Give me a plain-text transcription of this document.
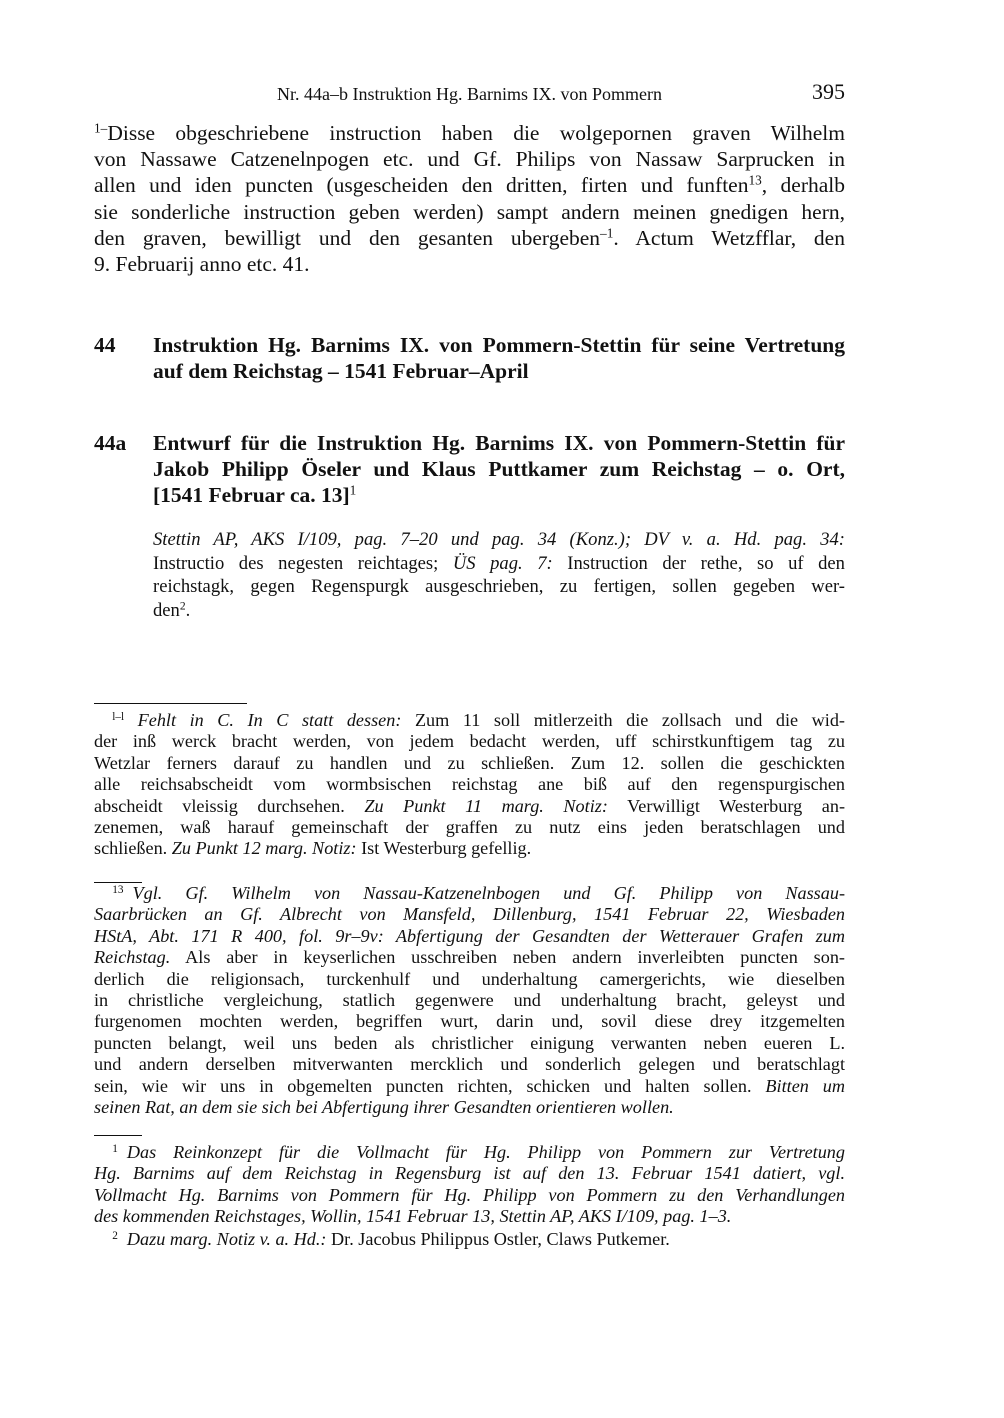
Nr. 44a–b Instruktion Hg. Barnims IX. von Pommern	395
$^{1-}$Disse obgeschriebene instruction haben die wolgepornen graven Wilhelm
von Nassawe Catzenelnpogen etc. und Gf. Philips von Nassaw Sarprucken in
allen und iden puncten (usgescheiden den dritten, firten und funften$^{13}$, derhalb
sie sonderliche instruction geben werden) sampt andern meinen gnedigen hern,
den graven, bewilligt und den gesanten ubergeben$^{-1}$. Actum Wetzfflar, den
9. Februarij anno etc. 41.
44 Instruktion Hg. Barnims IX. von Pommern-Stettin für seine Vertretung
auf dem Reichstag – 1541 Februar–April
44a Entwurf für die Instruktion Hg. Barnims IX. von Pommern-Stettin für
Jakob Philipp Öseler und Klaus Puttkamer zum Reichstag – o. Ort,
[1541 Februar ca. 13]$^1$
Stettin AP, AKS I/109, pag. 7–20 und pag. 34 (Konz.); DV v. a. Hd. pag. 34:
Instructio des negesten reichtages; ÜS pag. 7: Instruction der rethe, so uf den
reichstagk, gegen Regenspurgk ausgeschrieben, zu fertigen, sollen gegeben wer-
den$^2$.
 $^{l-l}$ Fehlt in C. In C statt dessen: Zum 11 soll mitlerzeith die zollsach und die wid-
der inß werck bracht werden, von jedem bedacht werden, uff schirstkunftigem tag zu
Wetzlar ferners darauf zu handlen und zu schließen. Zum 12. sollen die geschickten
alle reichsabscheidt vom wormbsischen reichstag ane biß auf den regenspurgischen
abscheidt vleissig durchsehen. Zu Punkt 11 marg. Notiz: Verwilligt Westerburg an-
zenemen, waß harauf gemeinschaft der graffen zu nutz eins jeden beratschlagen und
schließen. Zu Punkt 12 marg. Notiz: Ist Westerburg gefellig.
 $^{13}$  Vgl. Gf. Wilhelm von Nassau-Katzenelnbogen und Gf. Philipp von Nassau-
Saarbrücken an Gf. Albrecht von Mansfeld, Dillenburg, 1541 Februar 22, Wiesbaden
HStA, Abt. 171 R 400, fol. 9r–9v: Abfertigung der Gesandten der Wetterauer Grafen zum
Reichstag. Als aber in keyserlichen usschreiben neben andern inverleibten puncten son-
derlich die religionsach, turckenhulf und underhaltung camergerichts, wie dieselben
in christliche vergleichung, statlich gegenwere und underhaltung bracht, geleyst und
furgenomen mochten werden, begriffen wurt, darin und, sovil diese drey itzgemelten
puncten belangt, weil uns beden als christlicher einigung verwanten neben eueren L.
und andern derselben mitverwanten mercklich und sonderlich gelegen und beratschlagt
sein, wie wir uns in obgemelten puncten richten, schicken und halten sollen. Bitten um
seinen Rat, an dem sie sich bei Abfertigung ihrer Gesandten orientieren wollen.
 $^1$  Das Reinkonzept für die Vollmacht für Hg. Philipp von Pommern zur Vertretung
Hg. Barnims auf dem Reichstag in Regensburg ist auf den 13. Februar 1541 datiert, vgl.
Vollmacht Hg. Barnims von Pommern für Hg. Philipp von Pommern zu den Verhandlungen
des kommenden Reichstages, Wollin, 1541 Februar 13, Stettin AP, AKS I/109, pag. 1–3.
 $^2$  Dazu marg. Notiz v. a. Hd.: Dr. Jacobus Philippus Ostler, Claws Putkemer.
